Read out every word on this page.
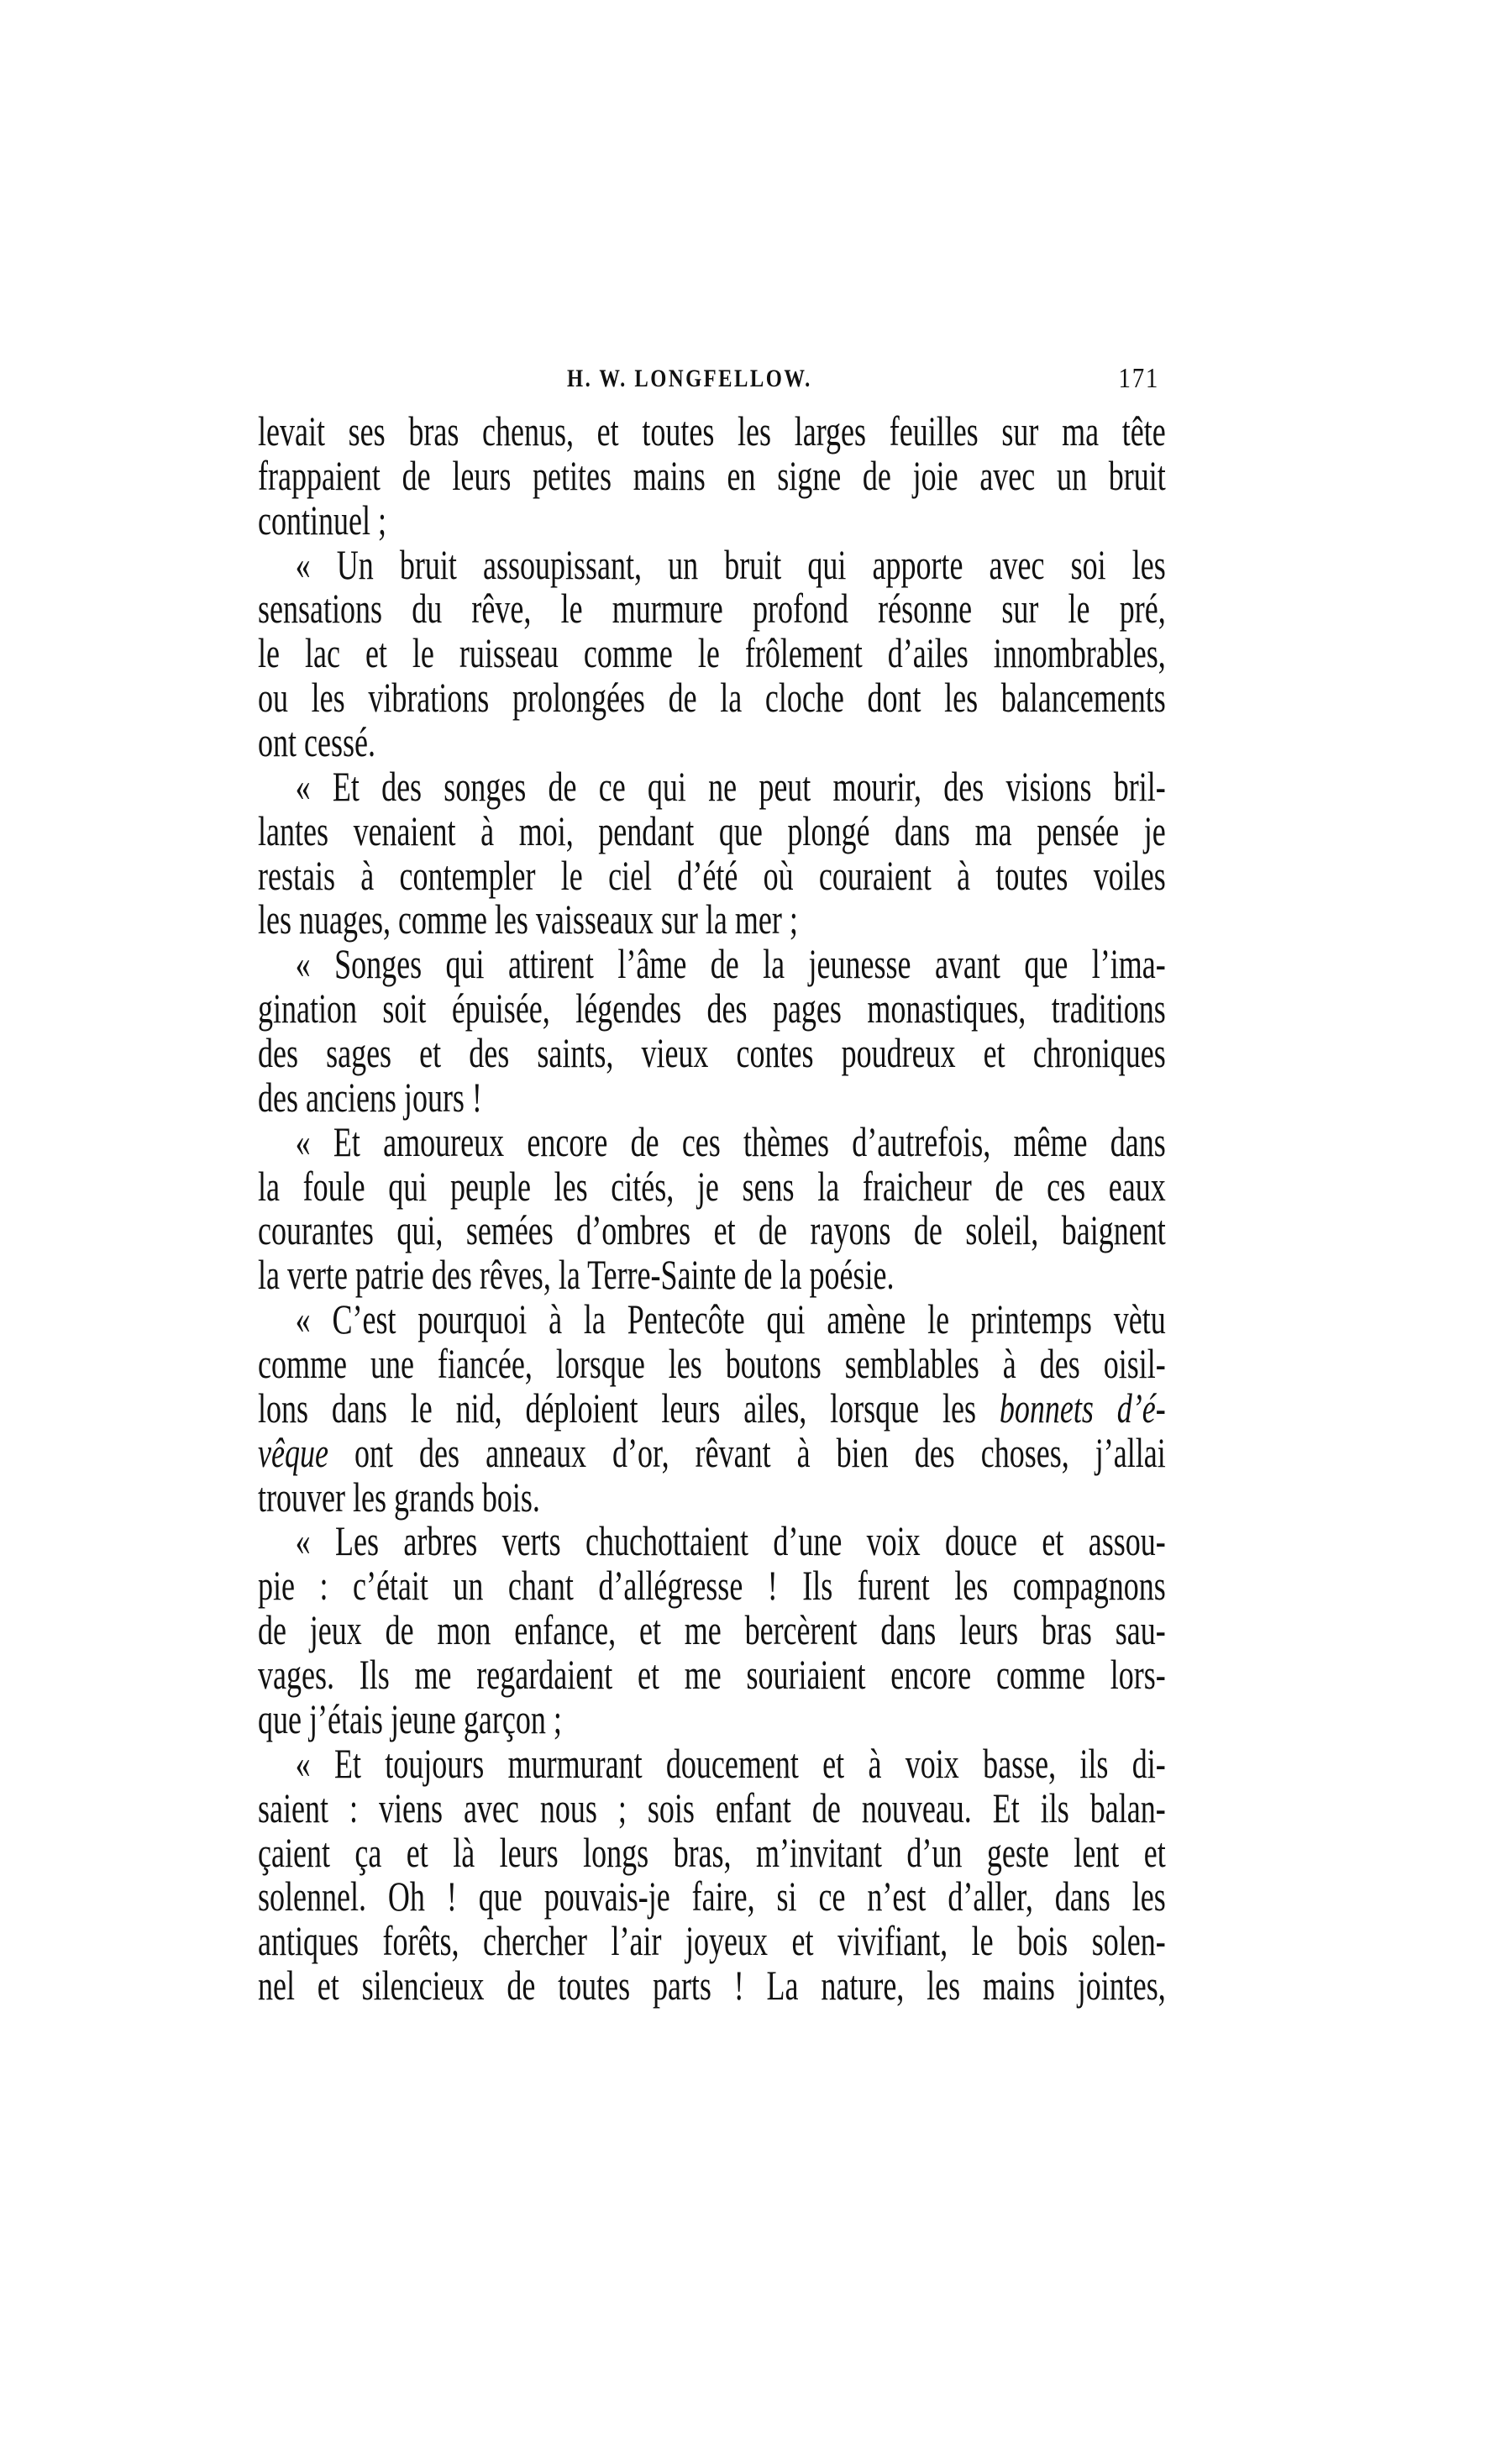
H. W. LONGFELLOW.	171
levait ses bras chenus, et toutes les larges feuilles sur ma tête
frappaient de leurs petites mains en signe de joie avec un bruit
continuel ;
« Un bruit assoupissant, un bruit qui apporte avec soi les
sensations du rêve, le murmure profond résonne sur le pré,
le lac et le ruisseau comme le frôlement d’ailes innombrables,
ou les vibrations prolongées de la cloche dont les balancements
ont cessé.
« Et des songes de ce qui ne peut mourir, des visions bril-
lantes venaient à moi, pendant que plongé dans ma pensée je
restais à contempler le ciel d’été où couraient à toutes voiles
les nuages, comme les vaisseaux sur la mer ;
« Songes qui attirent l’âme de la jeunesse avant que l’ima-
gination soit épuisée, légendes des pages monastiques, traditions
des sages et des saints, vieux contes poudreux et chroniques
des anciens jours !
« Et amoureux encore de ces thèmes d’autrefois, même dans
la foule qui peuple les cités, je sens la fraicheur de ces eaux
courantes qui, semées d’ombres et de rayons de soleil, baignent
la verte patrie des rêves, la Terre-Sainte de la poésie.
« C’est pourquoi à la Pentecôte qui amène le printemps vètu
comme une fiancée, lorsque les boutons semblables à des oisil-
lons dans le nid, déploient leurs ailes, lorsque les bonnets d’é-
vêque ont des anneaux d’or, rêvant à bien des choses, j’allai
trouver les grands bois.
« Les arbres verts chuchottaient d’une voix douce et assou-
pie : c’était un chant d’allégresse ! Ils furent les compagnons
de jeux de mon enfance, et me bercèrent dans leurs bras sau-
vages. Ils me regardaient et me souriaient encore comme lors-
que j’étais jeune garçon ;
« Et toujours murmurant doucement et à voix basse, ils di-
saient : viens avec nous ; sois enfant de nouveau. Et ils balan-
çaient ça et là leurs longs bras, m’invitant d’un geste lent et
solennel. Oh ! que pouvais-je faire, si ce n’est d’aller, dans les
antiques forêts, chercher l’air joyeux et vivifiant, le bois solen-
nel et silencieux de toutes parts ! La nature, les mains jointes,
